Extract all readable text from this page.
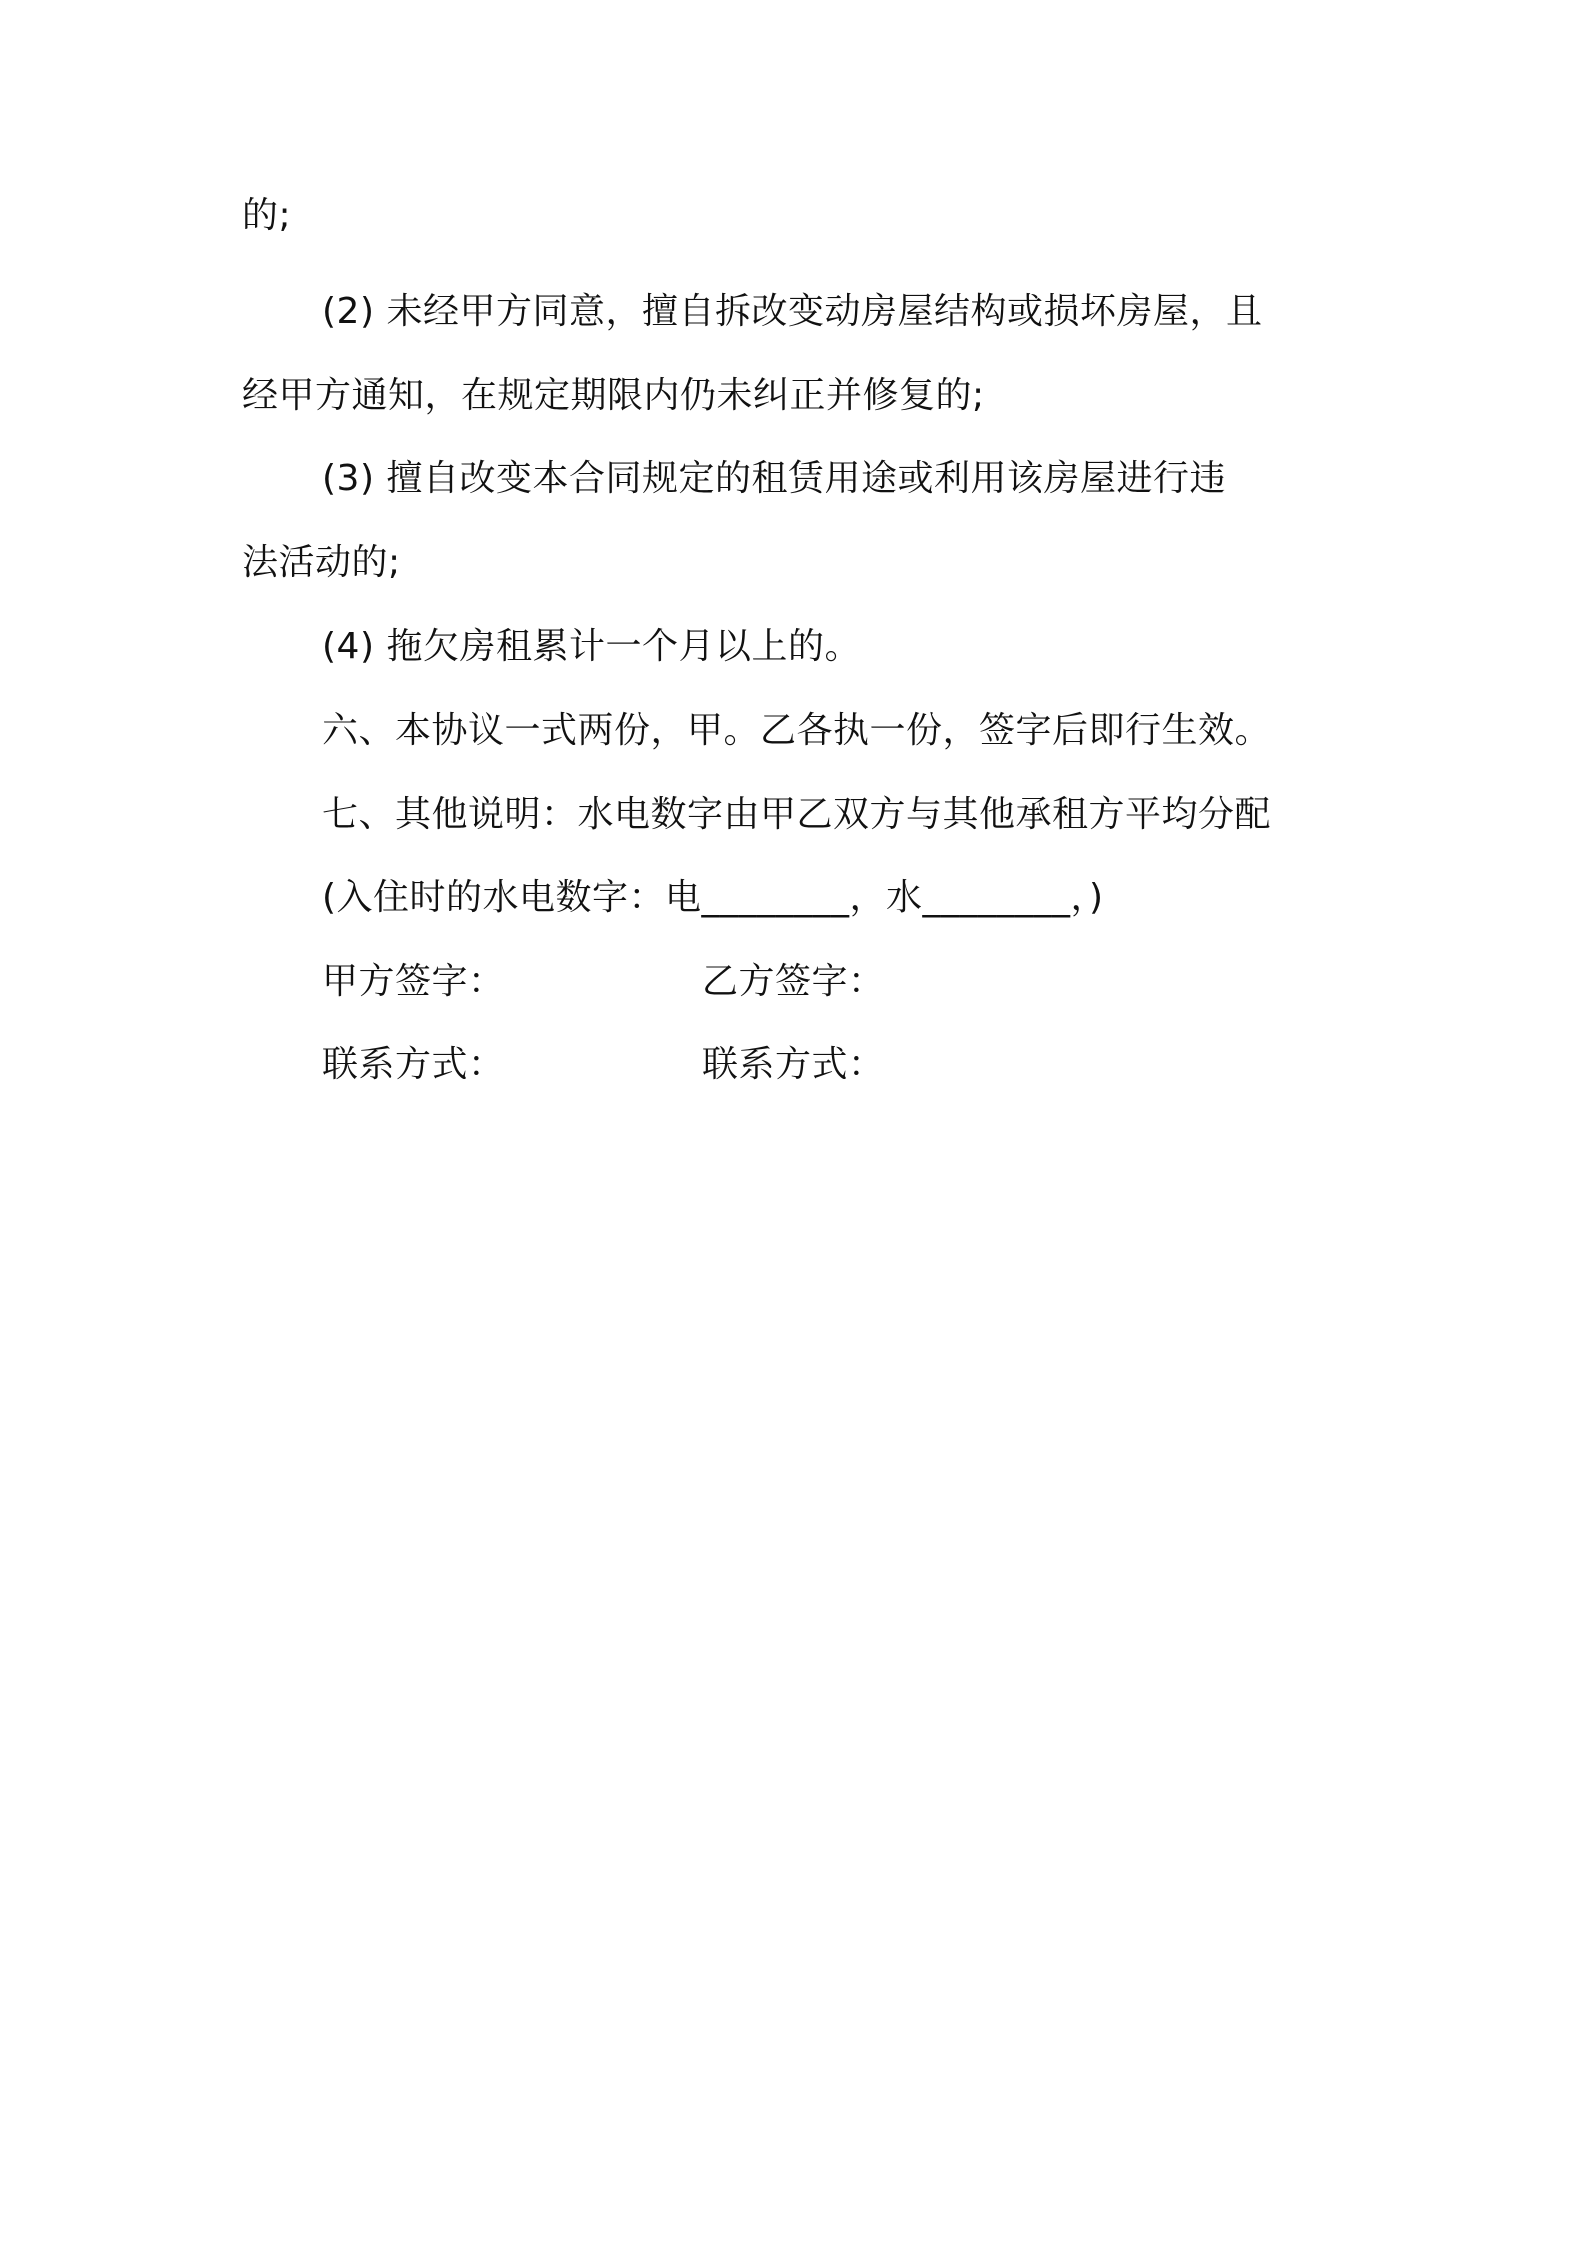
的;
(2) 未经甲方同意，擅自拆改变动房屋结构或损坏房屋，且
经甲方通知，在规定期限内仍未纠正并修复的;
(3) 擅自改变本合同规定的租赁用途或利用该房屋进行违
法活动的;
(4) 拖欠房租累计一个月以上的。
六、本协议一式两份，甲。乙各执一份，签字后即行生效。
七、其他说明：水电数字由甲乙双方与其他承租方平均分配
(入住时的水电数字：电________，水________，)
甲方签字：	乙方签字：
联系方式：	联系方式：
